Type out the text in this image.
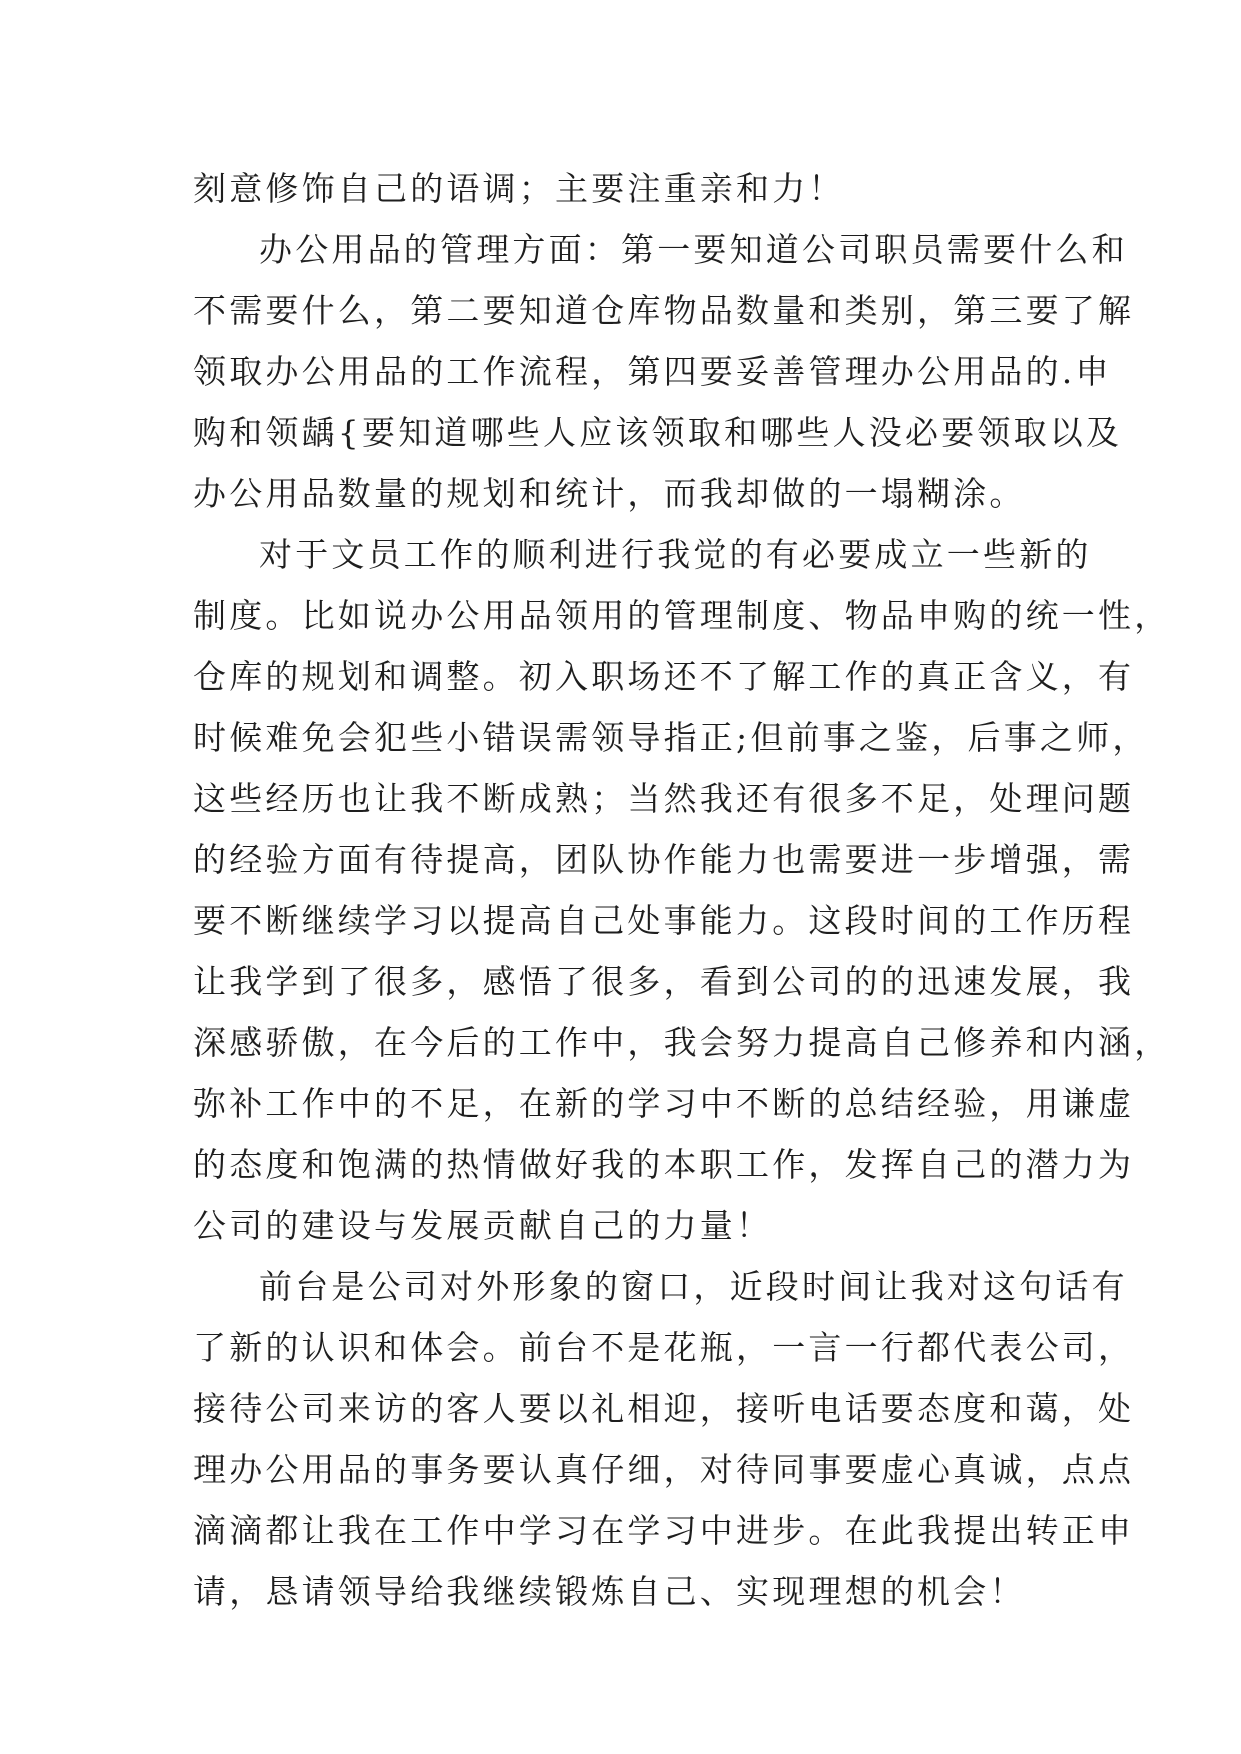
刻意修饰自己的语调；主要注重亲和力！
办公用品的管理方面：第一要知道公司职员需要什么和
不需要什么，第二要知道仓库物品数量和类别，第三要了解
领取办公用品的工作流程，第四要妥善管理办公用品的.申
购和领龋{要知道哪些人应该领取和哪些人没必要领取以及
办公用品数量的规划和统计，而我却做的一塌糊涂。
对于文员工作的顺利进行我觉的有必要成立一些新的
制度。比如说办公用品领用的管理制度、物品申购的统一性，
仓库的规划和调整。初入职场还不了解工作的真正含义，有
时候难免会犯些小错误需领导指正;但前事之鉴，后事之师，
这些经历也让我不断成熟；当然我还有很多不足，处理问题
的经验方面有待提高，团队协作能力也需要进一步增强，需
要不断继续学习以提高自己处事能力。这段时间的工作历程
让我学到了很多，感悟了很多，看到公司的的迅速发展，我
深感骄傲，在今后的工作中，我会努力提高自己修养和内涵，
弥补工作中的不足，在新的学习中不断的总结经验，用谦虚
的态度和饱满的热情做好我的本职工作，发挥自己的潜力为
公司的建设与发展贡献自己的力量！
前台是公司对外形象的窗口，近段时间让我对这句话有
了新的认识和体会。前台不是花瓶，一言一行都代表公司，
接待公司来访的客人要以礼相迎，接听电话要态度和蔼，处
理办公用品的事务要认真仔细，对待同事要虚心真诚，点点
滴滴都让我在工作中学习在学习中进步。在此我提出转正申
请，恳请领导给我继续锻炼自己、实现理想的机会！
